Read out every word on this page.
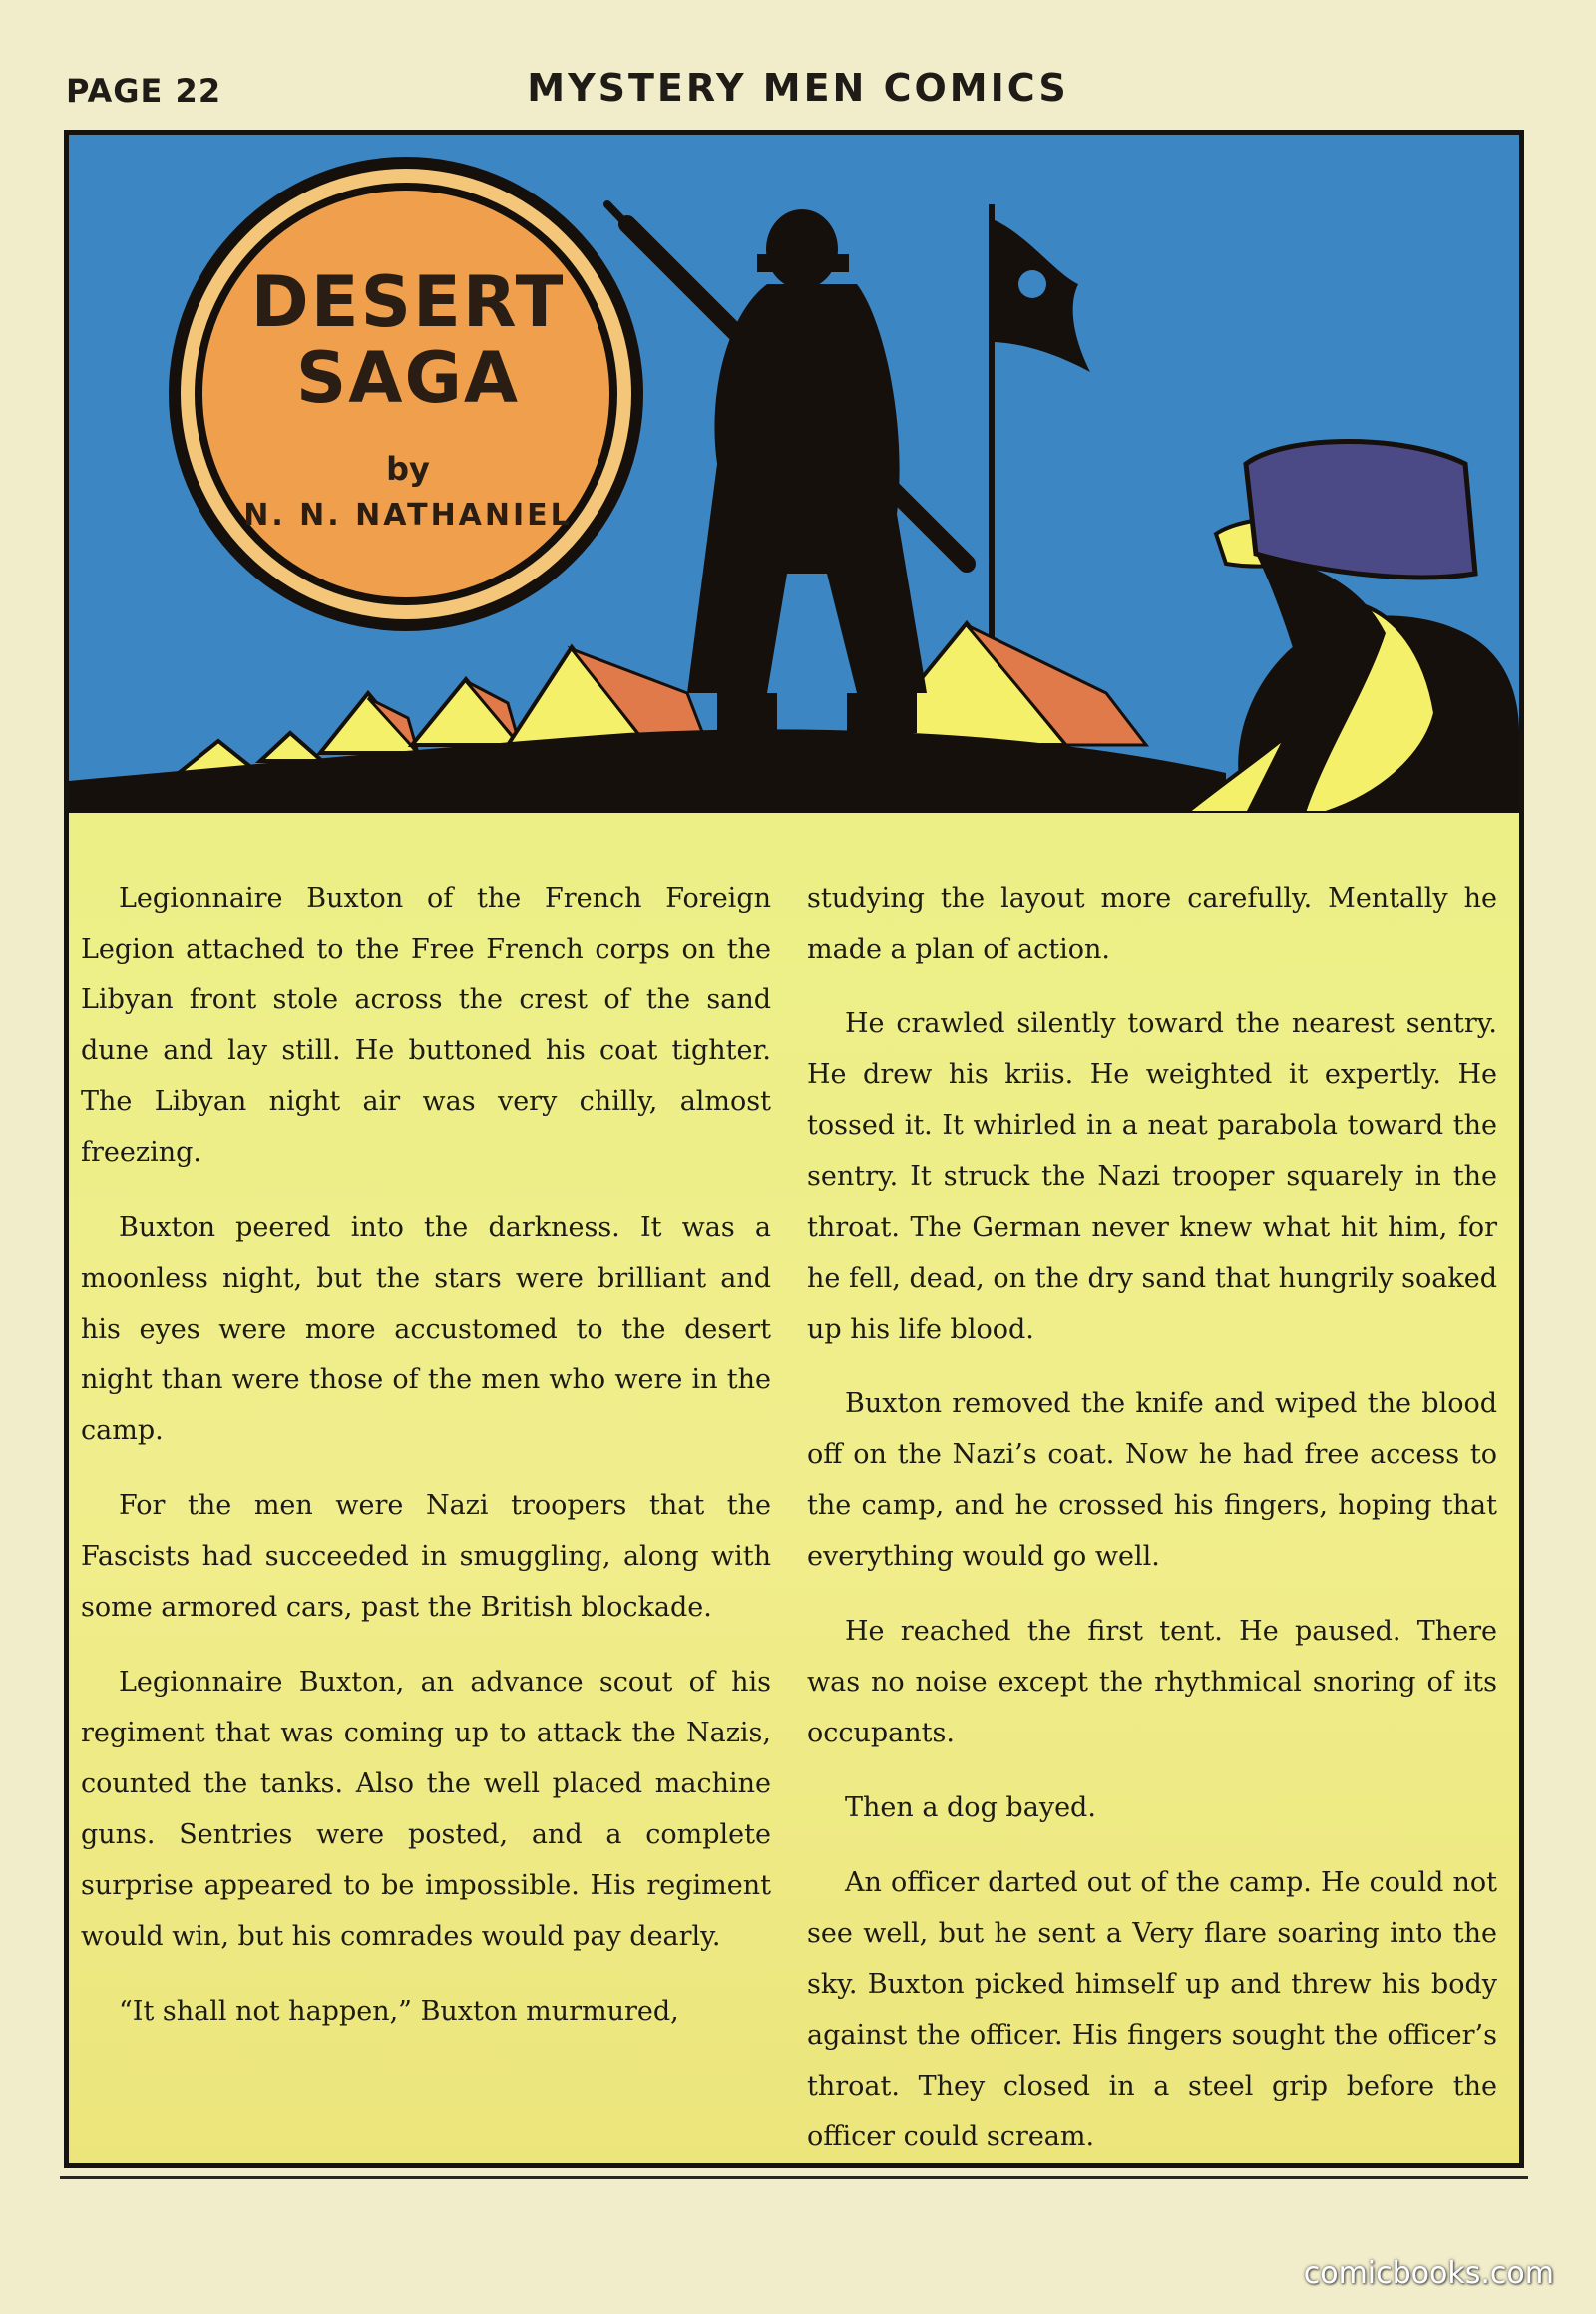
PAGE 22	MYSTERY MEN COMICS
DESERT
SAGA
by
N. N. NATHANIEL

Legionnaire Buxton of the French Foreign Legion attached to the Free French corps on the Libyan front stole across the crest of the sand dune and lay still. He buttoned his coat tighter. The Libyan night air was very chilly, almost freezing.

Buxton peered into the darkness. It was a moonless night, but the stars were brilliant and his eyes were more accustomed to the desert night than were those of the men who were in the camp.

For the men were Nazi troopers that the Fascists had succeeded in smuggling, along with some armored cars, past the British blockade.

Legionnaire Buxton, an advance scout of his regiment that was coming up to attack the Nazis, counted the tanks. Also the well placed machine guns. Sentries were posted, and a complete surprise appeared to be impossible. His regiment would win, but his comrades would pay dearly.

“It shall not happen,” Buxton murmured,

studying the layout more carefully. Mentally he made a plan of action.

He crawled silently toward the nearest sentry. He drew his kriis. He weighted it expertly. He tossed it. It whirled in a neat parabola toward the sentry. It struck the Nazi trooper squarely in the throat. The German never knew what hit him, for he fell, dead, on the dry sand that hungrily soaked up his life blood.

Buxton removed the knife and wiped the blood off on the Nazi’s coat. Now he had free access to the camp, and he crossed his fingers, hoping that everything would go well.

He reached the first tent. He paused. There was no noise except the rhythmical snoring of its occupants.

Then a dog bayed.

An officer darted out of the camp. He could not see well, but he sent a Very flare soaring into the sky. Buxton picked himself up and threw his body against the officer. His fingers sought the officer’s throat. They closed in a steel grip before the officer could scream.

comicbooks.com
